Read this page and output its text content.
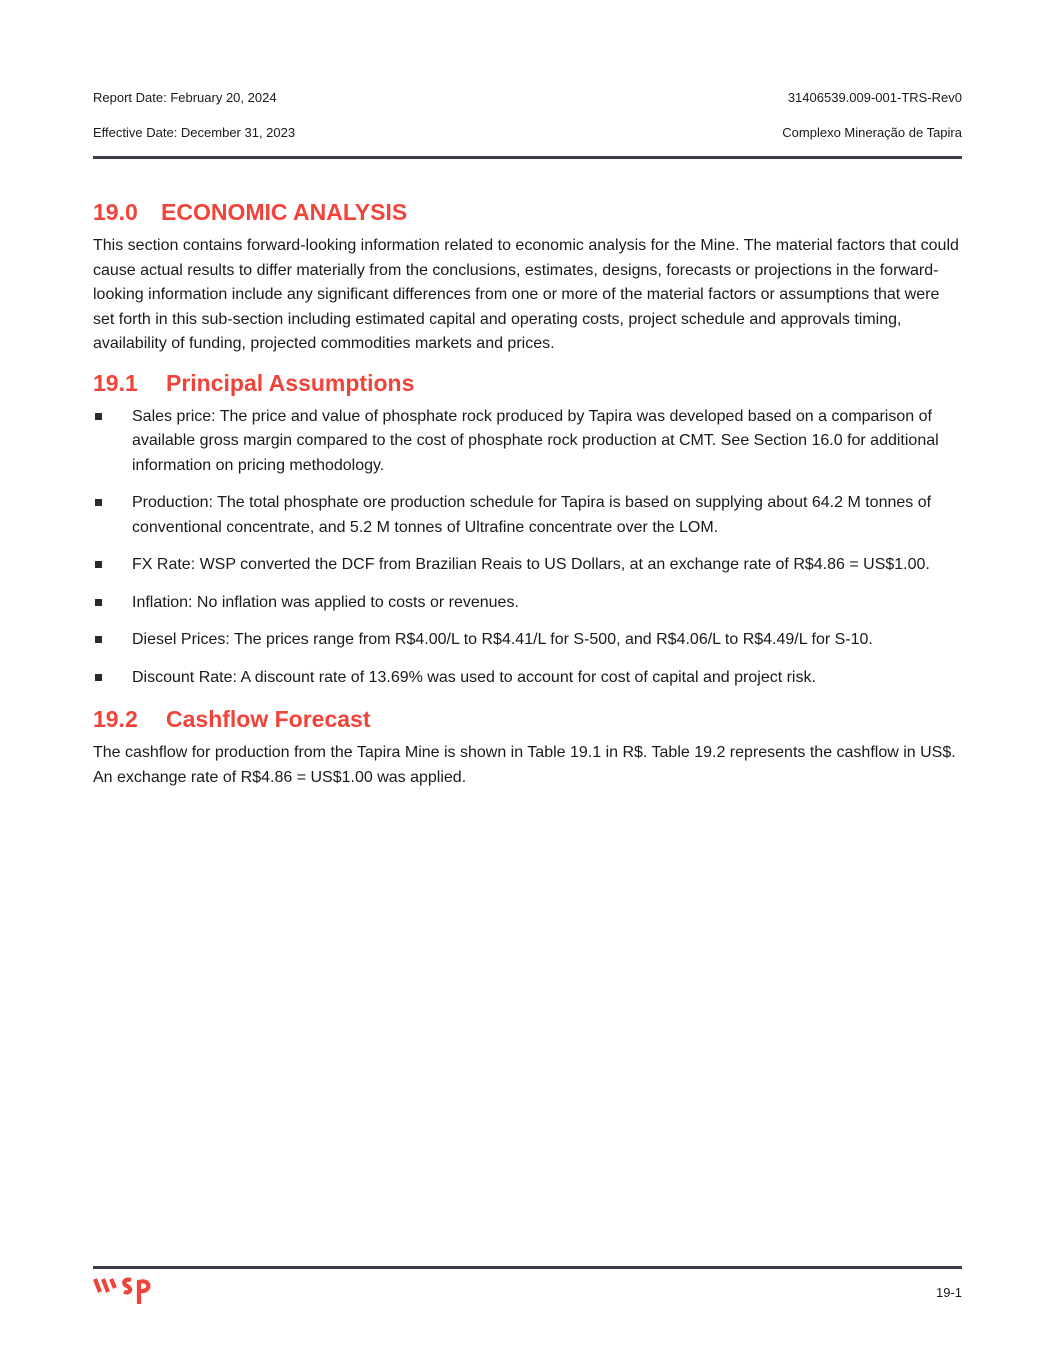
Report Date: February 20, 2024	31406539.009-001-TRS-Rev0
Effective Date: December 31, 2023	Complexo Mineração de Tapira
19.0 ECONOMIC ANALYSIS

This section contains forward-looking information related to economic analysis for the Mine. The material factors that could cause actual results to differ materially from the conclusions, estimates, designs, forecasts or projections in the forward-looking information include any significant differences from one or more of the material factors or assumptions that were set forth in this sub-section including estimated capital and operating costs, project schedule and approvals timing, availability of funding, projected commodities markets and prices.

19.1 Principal Assumptions
Sales price: The price and value of phosphate rock produced by Tapira was developed based on a comparison of available gross margin compared to the cost of phosphate rock production at CMT. See Section 16.0 for additional information on pricing methodology.
Production: The total phosphate ore production schedule for Tapira is based on supplying about 64.2 M tonnes of conventional concentrate, and 5.2 M tonnes of Ultrafine concentrate over the LOM.
FX Rate: WSP converted the DCF from Brazilian Reais to US Dollars, at an exchange rate of R$4.86 = US$1.00.
Inflation: No inflation was applied to costs or revenues.
Diesel Prices: The prices range from R$4.00/L to R$4.41/L for S-500, and R$4.06/L to R$4.49/L for S-10.
Discount Rate: A discount rate of 13.69% was used to account for cost of capital and project risk.
19.2 Cashflow Forecast

The cashflow for production from the Tapira Mine is shown in Table 19.1 in R$. Table 19.2 represents the cashflow in US$. An exchange rate of R$4.86 = US$1.00 was applied.

19-1
